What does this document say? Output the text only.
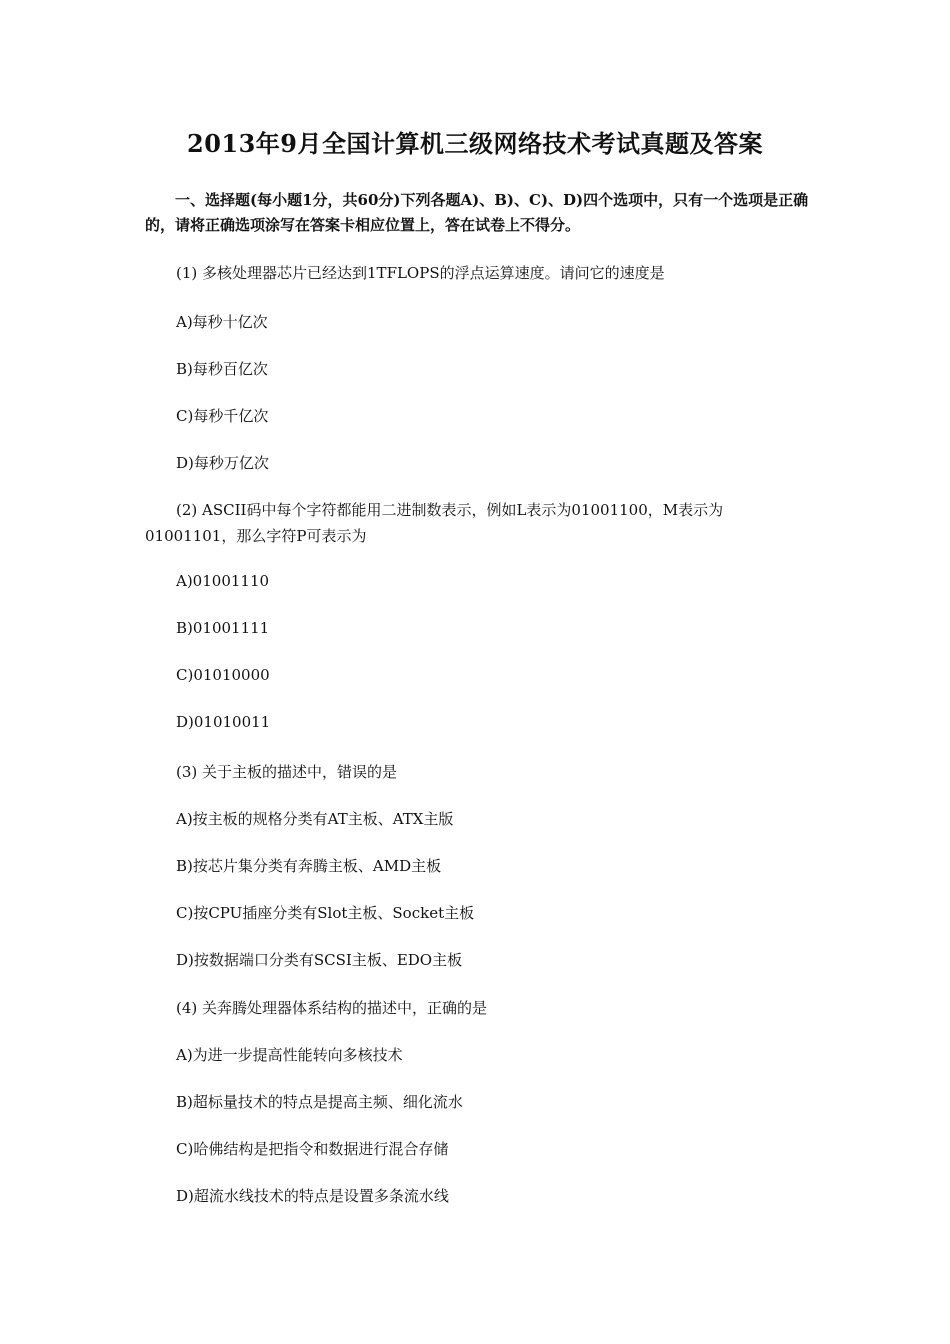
2013年9月全国计算机三级网络技术考试真题及答案
一、选择题(每小题1分，共60分)下列各题A)、B)、C)、D)四个选项中，只有一个选项是正确的，请将正确选项涂写在答案卡相应位置上，答在试卷上不得分。
(1) 多核处理器芯片已经达到1TFLOPS的浮点运算速度。请问它的速度是
A)每秒十亿次
B)每秒百亿次
C)每秒千亿次
D)每秒万亿次
(2) ASCII码中每个字符都能用二进制数表示，例如L表示为01001100，M表示为01001101，那么字符P可表示为
A)01001110
B)01001111
C)01010000
D)01010011
(3) 关于主板的描述中，错误的是
A)按主板的规格分类有AT主板、ATX主版
B)按芯片集分类有奔腾主板、AMD主板
C)按CPU插座分类有Slot主板、Socket主板
D)按数据端口分类有SCSI主板、EDO主板
(4) 关奔腾处理器体系结构的描述中，正确的是
A)为进一步提高性能转向多核技术
B)超标量技术的特点是提高主频、细化流水
C)哈佛结构是把指令和数据进行混合存储
D)超流水线技术的特点是设置多条流水线
